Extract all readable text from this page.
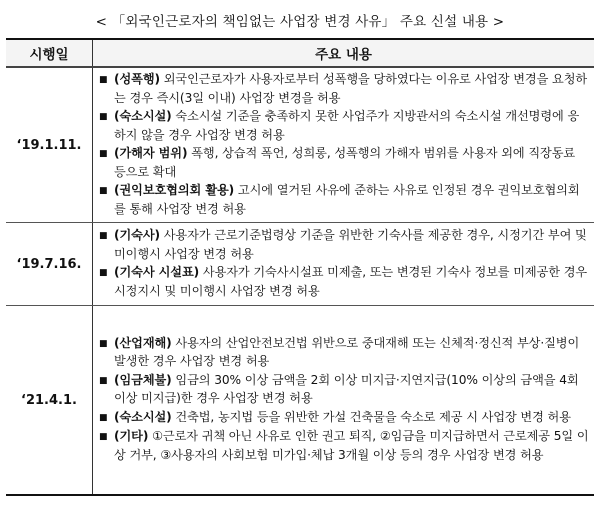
< 「외국인근로자의 책임없는 사업장 변경 사유」 주요 신설 내용 >
시행일	주요 내용
‘19.1.11.	■ (성폭행) 외국인근로자가 사용자로부터 성폭행을 당하였다는 이유로 사업장 변경을 요청하는 경우 즉시(3일 이내) 사업장 변경을 허용

■ (숙소시설) 숙소시설 기준을 충족하지 못한 사업주가 지방관서의 숙소시설 개선명령에 응하지 않을 경우 사업장 변경 허용

■ (가해자 범위) 폭행, 상습적 폭언, 성희롱, 성폭행의 가해자 범위를 사용자 외에 직장동료 등으로 확대

■ (권익보호협의회 활용) 고시에 열거된 사유에 준하는 사유로 인정된 경우 권익보호협의회를 통해 사업장 변경 허용

‘19.7.16.	■ (기숙사) 사용자가 근로기준법령상 기준을 위반한 기숙사를 제공한 경우, 시정기간 부여 및 미이행시 사업장 변경 허용

■ (기숙사 시설표) 사용자가 기숙사시설표 미제출, 또는 변경된 기숙사 정보를 미제공한 경우 시정지시 및 미이행시 사업장 변경 허용

‘21.4.1.	■ (산업재해) 사용자의 산업안전보건법 위반으로 중대재해 또는 신체적·정신적 부상·질병이 발생한 경우 사업장 변경 허용

■ (임금체불) 임금의 30% 이상 금액을 2회 이상 미지급·지연지급(10% 이상의 금액을 4회 이상 미지급)한 경우 사업장 변경 허용

■ (숙소시설) 건축법, 농지법 등을 위반한 가설 건축물을 숙소로 제공 시 사업장 변경 허용

■ (기타) ①근로자 귀책 아닌 사유로 인한 권고 퇴직, ②임금을 미지급하면서 근로제공 5일 이상 거부, ③사용자의 사회보험 미가입·체납 3개월 이상 등의 경우 사업장 변경 허용
